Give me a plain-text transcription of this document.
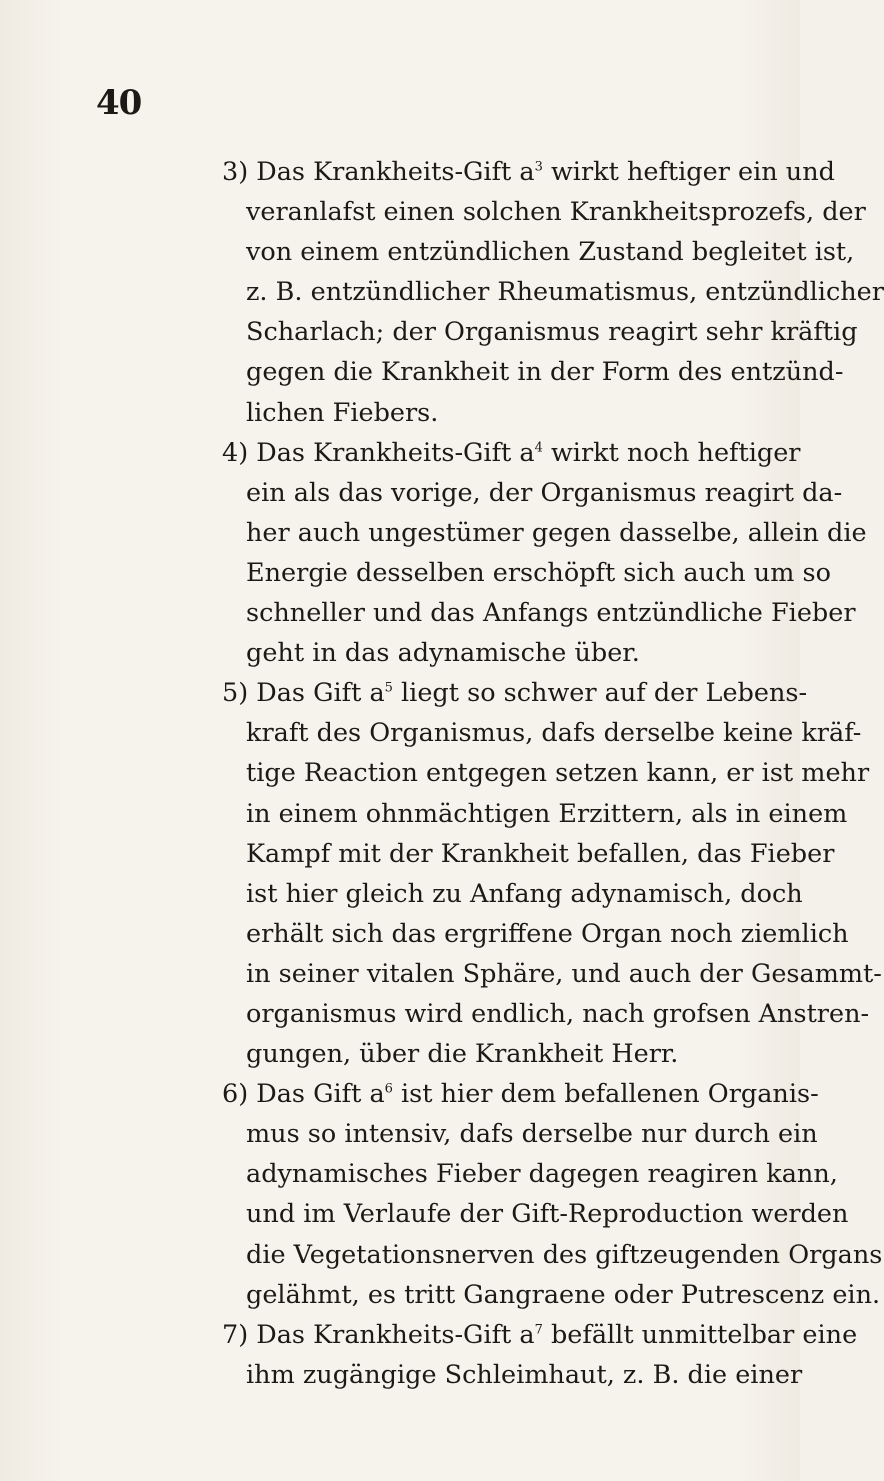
40
3) Das Krankheits-Gift $a^3$ wirkt heftiger ein und
veranlafst einen solchen Krankheitsprozefs, der
von einem entzündlichen Zustand begleitet ist,
z. B. entzündlicher Rheumatismus, entzündlicher
Scharlach; der Organismus reagirt sehr kräftig
gegen die Krankheit in der Form des entzünd-
lichen Fiebers.
4) Das Krankheits-Gift $a^4$ wirkt noch heftiger
ein als das vorige, der Organismus reagirt da-
her auch ungestümer gegen dasselbe, allein die
Energie desselben erschöpft sich auch um so
schneller und das Anfangs entzündliche Fieber
geht in das adynamische über.
5) Das Gift $a^5$ liegt so schwer auf der Lebens-
kraft des Organismus, dafs derselbe keine kräf-
tige Reaction entgegen setzen kann, er ist mehr
in einem ohnmächtigen Erzittern, als in einem
Kampf mit der Krankheit befallen, das Fieber
ist hier gleich zu Anfang adynamisch, doch
erhält sich das ergriffene Organ noch ziemlich
in seiner vitalen Sphäre, und auch der Gesammt-
organismus wird endlich, nach grofsen Anstren-
gungen, über die Krankheit Herr.
6) Das Gift $a^6$ ist hier dem befallenen Organis-
mus so intensiv, dafs derselbe nur durch ein
adynamisches Fieber dagegen reagiren kann,
und im Verlaufe der Gift-Reproduction werden
die Vegetationsnerven des giftzeugenden Organs
gelähmt, es tritt Gangraene oder Putrescenz ein.
7) Das Krankheits-Gift $a^7$ befällt unmittelbar eine
ihm zugängige Schleimhaut, z. B. die einer
